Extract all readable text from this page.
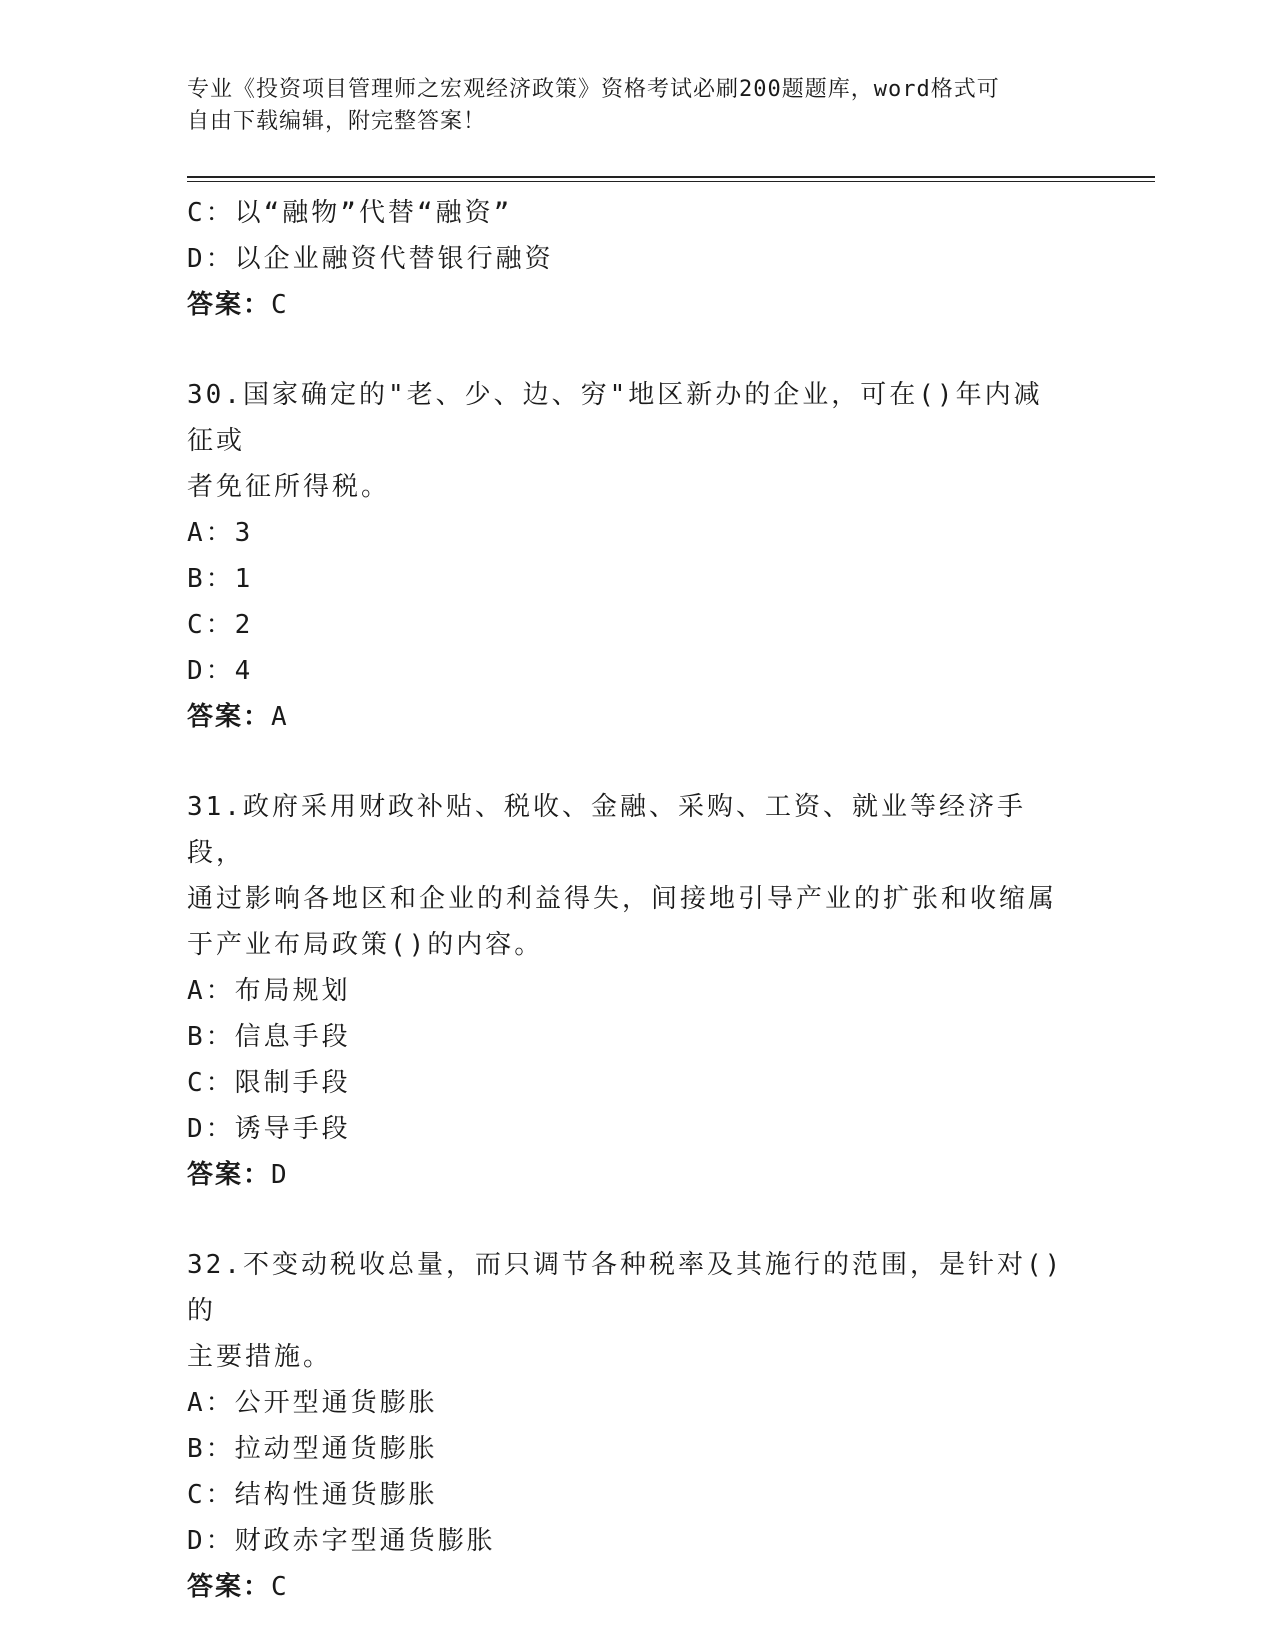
专业《投资项目管理师之宏观经济政策》资格考试必刷200题题库，word格式可
自由下载编辑，附完整答案！
C：以“融物”代替“融资”
D：以企业融资代替银行融资
答案：C
30.国家确定的"老、少、边、穷"地区新办的企业，可在()年内减征或
者免征所得税。
A：3
B：1
C：2
D：4
答案：A
31.政府采用财政补贴、税收、金融、采购、工资、就业等经济手段，
通过影响各地区和企业的利益得失，间接地引导产业的扩张和收缩属
于产业布局政策()的内容。
A：布局规划
B：信息手段
C：限制手段
D：诱导手段
答案：D
32.不变动税收总量，而只调节各种税率及其施行的范围，是针对()的
主要措施。
A：公开型通货膨胀
B：拉动型通货膨胀
C：结构性通货膨胀
D：财政赤字型通货膨胀
答案：C
